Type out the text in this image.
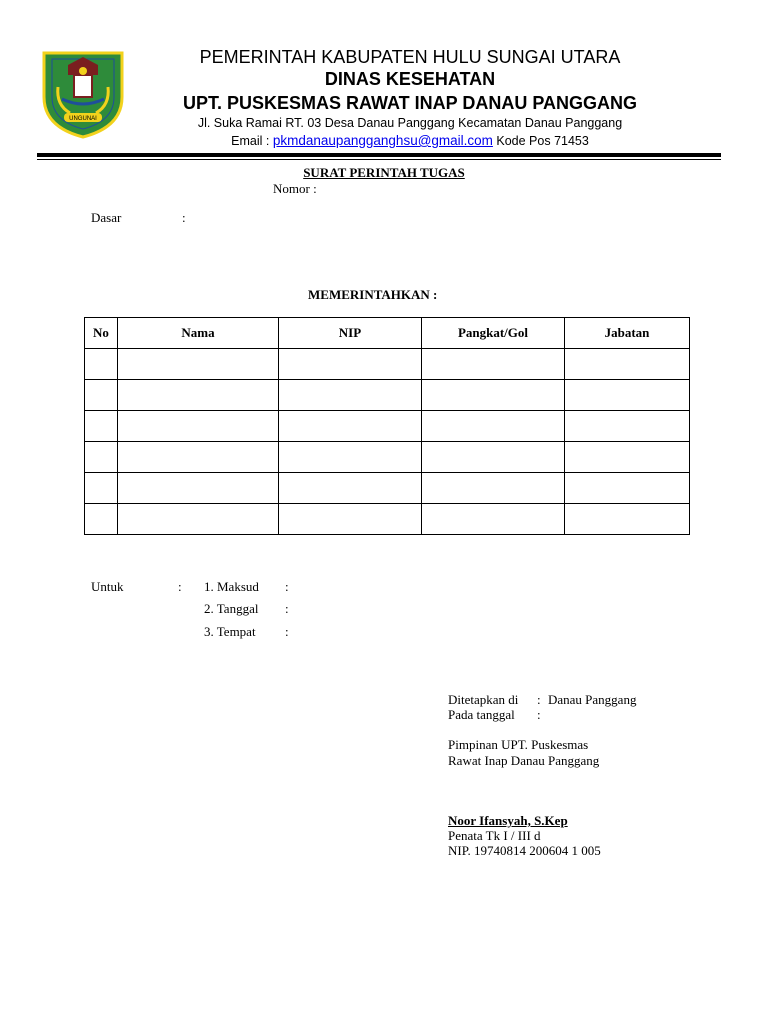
UNGUNAI
PEMERINTAH KABUPATEN HULU SUNGAI UTARA
DINAS KESEHATAN
UPT. PUSKESMAS RAWAT INAP DANAU PANGGANG
Jl. Suka Ramai RT. 03 Desa Danau Panggang Kecamatan Danau Panggang
Email : pkmdanaupangganghsu@gmail.com Kode Pos 71453
SURAT PERINTAH TUGAS
Nomor :
Dasar	:
MEMERINTAHKAN :
No	Nama	NIP	Pangkat/Gol	Jabatan

Untuk	: 1. Maksud :
2. Tanggal :
3. Tempat :
Ditetapkan di : Danau Panggang
Pada tanggal :
Pimpinan UPT. Puskesmas
Rawat Inap Danau Panggang
Noor Ifansyah, S.Kep
Penata Tk I / III d
NIP. 19740814 200604 1 005
